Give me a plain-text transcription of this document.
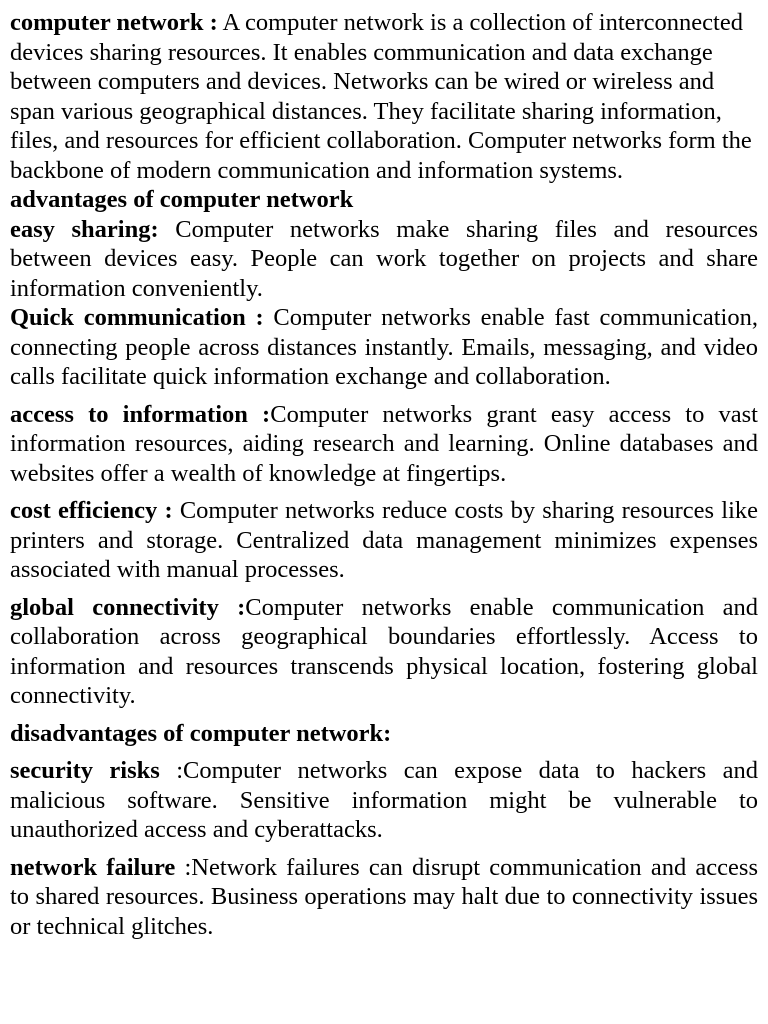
computer network : A computer network is a collection of interconnected devices sharing resources. It enables communication and data exchange between computers and devices. Networks can be wired or wireless and span various geographical distances. They facilitate sharing information, files, and resources for efficient collaboration. Computer networks form the backbone of modern communication and information systems.

advantages of computer network

easy sharing: Computer networks make sharing files and resources between devices easy. People can work together on projects and share information conveniently.

Quick communication : Computer networks enable fast communication, connecting people across distances instantly. Emails, messaging, and video calls facilitate quick information exchange and collaboration.

access to information :Computer networks grant easy access to vast information resources, aiding research and learning. Online databases and websites offer a wealth of knowledge at fingertips.

cost efficiency : Computer networks reduce costs by sharing resources like printers and storage. Centralized data management minimizes expenses associated with manual processes.

global connectivity :Computer networks enable communication and collaboration across geographical boundaries effortlessly. Access to information and resources transcends physical location, fostering global connectivity.

disadvantages of computer network:

security risks :Computer networks can expose data to hackers and malicious software. Sensitive information might be vulnerable to unauthorized access and cyberattacks.

network failure :Network failures can disrupt communication and access to shared resources. Business operations may halt due to connectivity issues or technical glitches.
